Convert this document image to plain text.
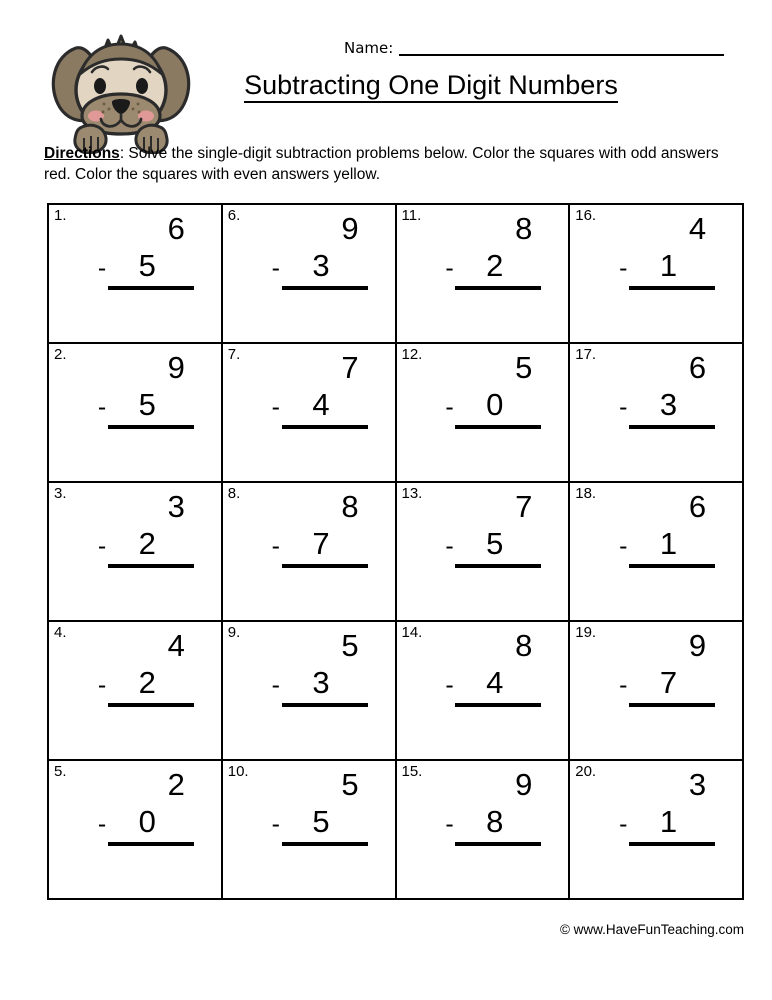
Name:
Subtracting One Digit Numbers
Directions: Solve the single-digit subtraction problems below. Color the squares with odd answers red. Color the squares with even answers yellow.
1.	6
-	5
6.	9
-	3
11.	8
-	2
16.	4
-	1
2.	9
-	5
7.	7
-	4
12.	5
-	0
17.	6
-	3
3.	3
-	2
8.	8
-	7
13.	7
-	5
18.	6
-	1
4.	4
-	2
9.	5
-	3
14.	8
-	4
19.	9
-	7
5.	2
-	0
10.	5
-	5
15.	9
-	8
20.	3
-	1
© www.HaveFunTeaching.com
